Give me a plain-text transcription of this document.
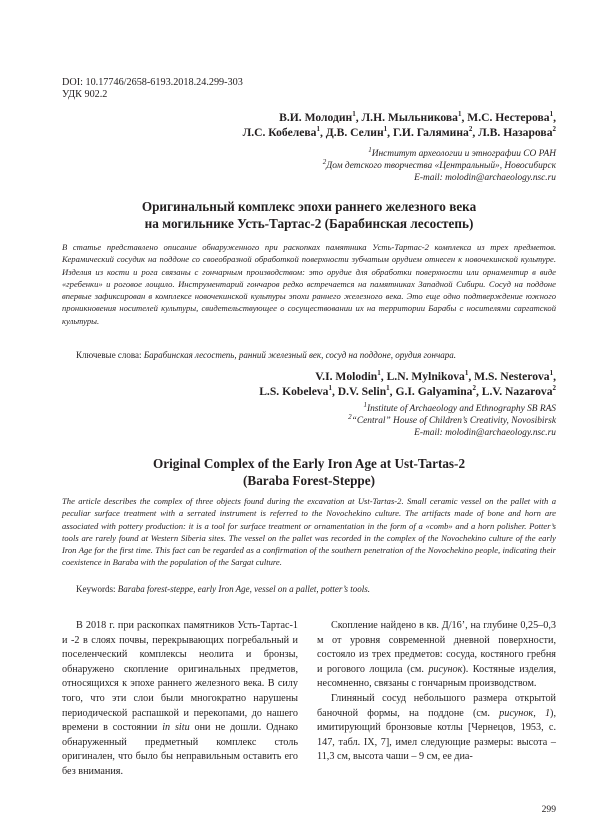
DOI: 10.17746/2658-6193.2018.24.299-303
УДК 902.2
В.И. Молодин$^1$, Л.Н. Мыльникова$^1$, М.С. Нестерова$^1$,
Л.С. Кобелева$^1$, Д.В. Селин$^1$, Г.И. Галямина$^2$, Л.В. Назарова$^2$
$^1$Институт археологии и этнографии СО РАН
$^2$Дом детского творчества «Центральный», Новосибирск
E-mail: molodin@archaeology.nsc.ru
Оригинальный комплекс эпохи раннего железного века
на могильнике Усть-Тартас-2 (Барабинская лесостепь)
В статье представлено описание обнаруженного при раскопках памятника Усть-Тартас-2 комплекса из трех предметов. Керамический сосудик на поддоне со своеобразной обработкой поверхности зубчатым орудием отнесен к новочекинской культуре. Изделия из кости и рога связаны с гончарным производством: это орудие для обработки поверхности или орнаментир в виде «гребенки» и роговое лощило. Инструментарий гончаров редко встречается на памятниках Западной Сибири. Сосуд на поддоне впервые зафиксирован в комплексе новочекинской культуры эпохи раннего железного века. Это еще одно подтверждение южного проникновения носителей культуры, свидетельствующее о сосуществовании их на территории Барабы с носителями саргатской культуры.
Ключевые слова: Барабинская лесостепь, ранний железный век, сосуд на поддоне, орудия гончара.
V.I. Molodin$^1$, L.N. Mylnikova$^1$, M.S. Nesterova$^1$,
L.S. Kobeleva$^1$, D.V. Selin$^1$, G.I. Galyamina$^2$, L.V. Nazarova$^2$
$^1$Institute of Archaeology and Ethnography SB RAS
$^2$“Central” House of Children’s Creativity, Novosibirsk
E-mail: molodin@archaeology.nsc.ru
Original Complex of the Early Iron Age at Ust-Tartas-2
(Baraba Forest-Steppe)
The article describes the complex of three objects found during the excavation at Ust-Tartas-2. Small ceramic vessel on the pallet with a peculiar surface treatment with a serrated instrument is referred to the Novochekino culture. The artifacts made of bone and horn are associated with pottery production: it is a tool for surface treatment or ornamentation in the form of a «comb» and a horn polisher. Potter’s tools are rarely found at Western Siberia sites. The vessel on the pallet was recorded in the complex of the Novochekino culture of the early Iron Age for the first time. This fact can be regarded as a confirmation of the southern penetration of the Novochekino people, indicating their coexistence in Baraba with the population of the Sargat culture.
Keywords: Baraba forest-steppe, early Iron Age, vessel on a pallet, potter’s tools.

В 2018 г. при раскопках памятников Усть-Тартас-1 и -2 в слоях почвы, перекрывающих погребальный и поселенческий комплексы неолита и бронзы, обнаружено скопление оригинальных предметов, относящихся к эпохе раннего железного века. В силу того, что эти слои были многократно нарушены периодической распашкой и перекопами, до нашего времени в состоянии in situ они не дошли. Однако обнаруженный предметный комплекс столь оригинален, что было бы неправильным оставить его без внимания.

Скопление найдено в кв. Д/16’, на глубине 0,25–0,3 м от уровня современной дневной поверхности, состояло из трех предметов: сосуда, костяного гребня и рогового лощила (см. рисунок). Костяные изделия, несомненно, связаны с гончарным производством.

Глиняный сосуд небольшого размера открытой баночной формы, на поддоне (см. рисунок, 1), имитирующий бронзовые котлы [Чернецов, 1953, с. 147, табл. IX, 7], имел следующие размеры: высота – 11,3 см, высота чаши – 9 см, ее диа-

299
